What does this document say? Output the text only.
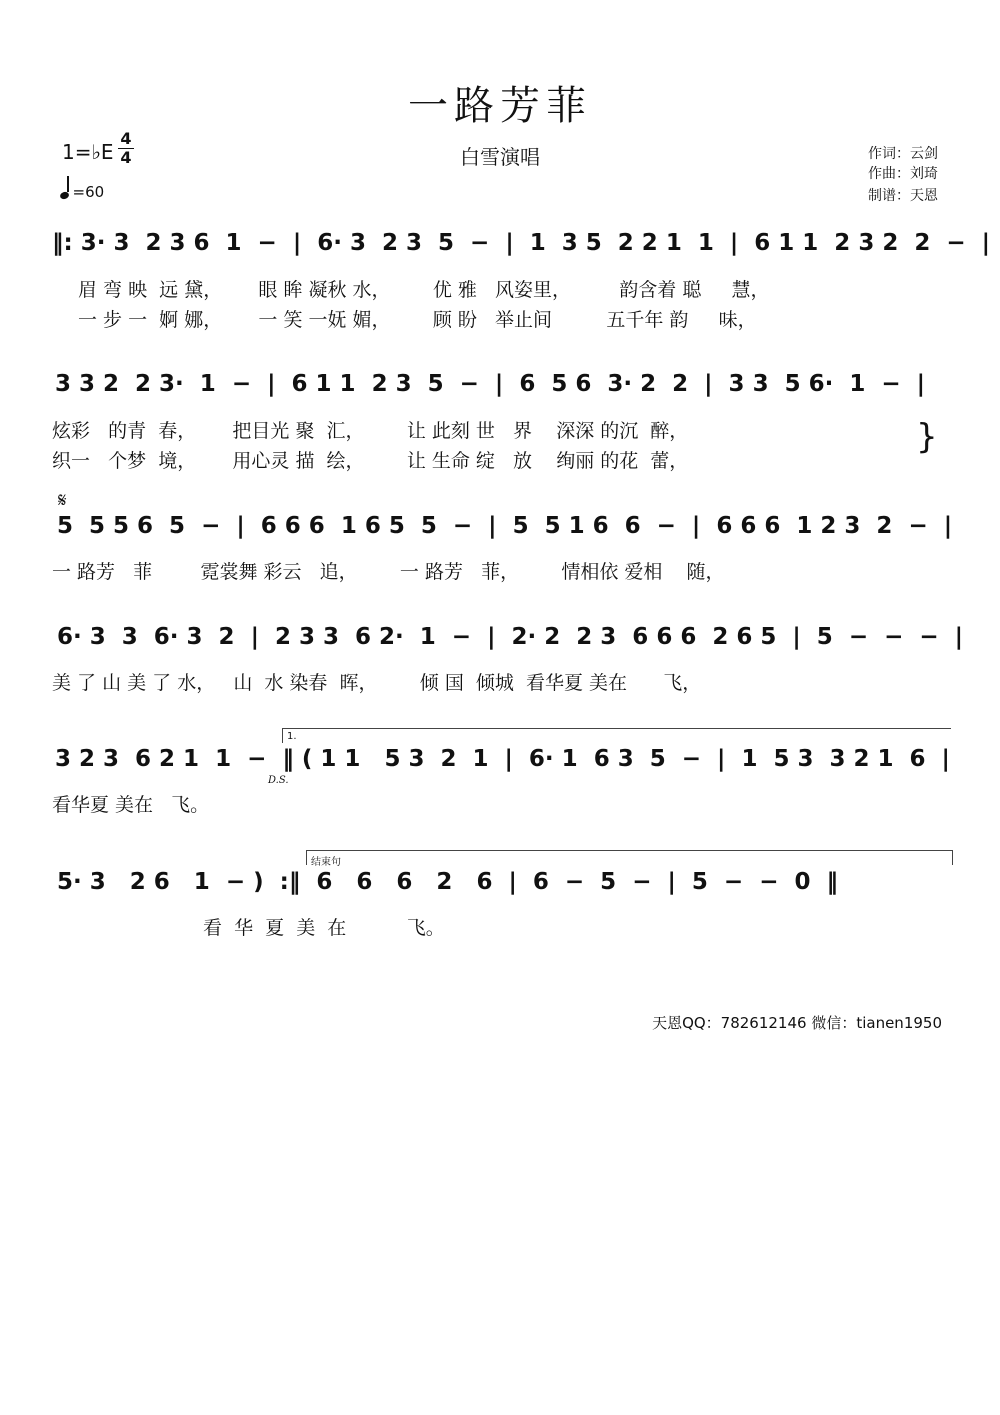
一路芳菲
白雪演唱
1=♭E
4
4
=60
作词：云剑
作曲：刘琦
制谱：天恩
‖: 3· 3  2 3 6  1  −  |  6· 3  2 3  5  −  |  1  3 5  2 2 1  1  |  6 1 1  2 3 2  2  −  |
眉 弯 映  远 黛，      眼 眸 凝秋 水，       优 雅   风姿里，        韵含着 聪     慧，
一 步 一  婀 娜，      一 笑 一妩 媚，       顾 盼   举止间         五千年 韵     味，
3 3 2  2 3·  1  −  |  6 1 1  2 3  5  −  |  6  5 6  3· 2  2  |  3 3  5 6·  1  −  |
炫彩   的青  春，      把目光 聚  汇，       让 此刻 世   界    深深 的沉  醉，
织一   个梦  境，      用心灵 描  绘，       让 生命 绽   放    绚丽 的花  蕾，
}
𝄋
5  5 5 6  5  −  |  6 6 6  1 6 5  5  −  |  5  5 1 6  6  −  |  6 6 6  1 2 3  2  −  |
一 路芳   菲        霓裳舞 彩云   追，       一 路芳   菲，       情相依 爱相    随，
6· 3  3  6· 3  2  |  2 3 3  6 2·  1  −  |  2· 2  2 3  6 6 6  2 6 5  |  5  −  −  −  |
美 了 山 美 了 水，   山  水 染春  晖，       倾 国  倾城  看华夏 美在      飞，
1.
3 2 3  6 2 1  1  −  ‖ ( 1 1   5 3  2  1  |  6· 1  6 3  5  −  |  1  5 3  3 2 1  6  |
D.S.
看华夏 美在   飞。
结束句
5· 3   2 6   1  − )  :‖  6   6   6   2   6  |  6  −  5  −  |  5  −  −  0  ‖
看  华  夏  美  在          飞。
天恩QQ：782612146 微信：tianen1950
